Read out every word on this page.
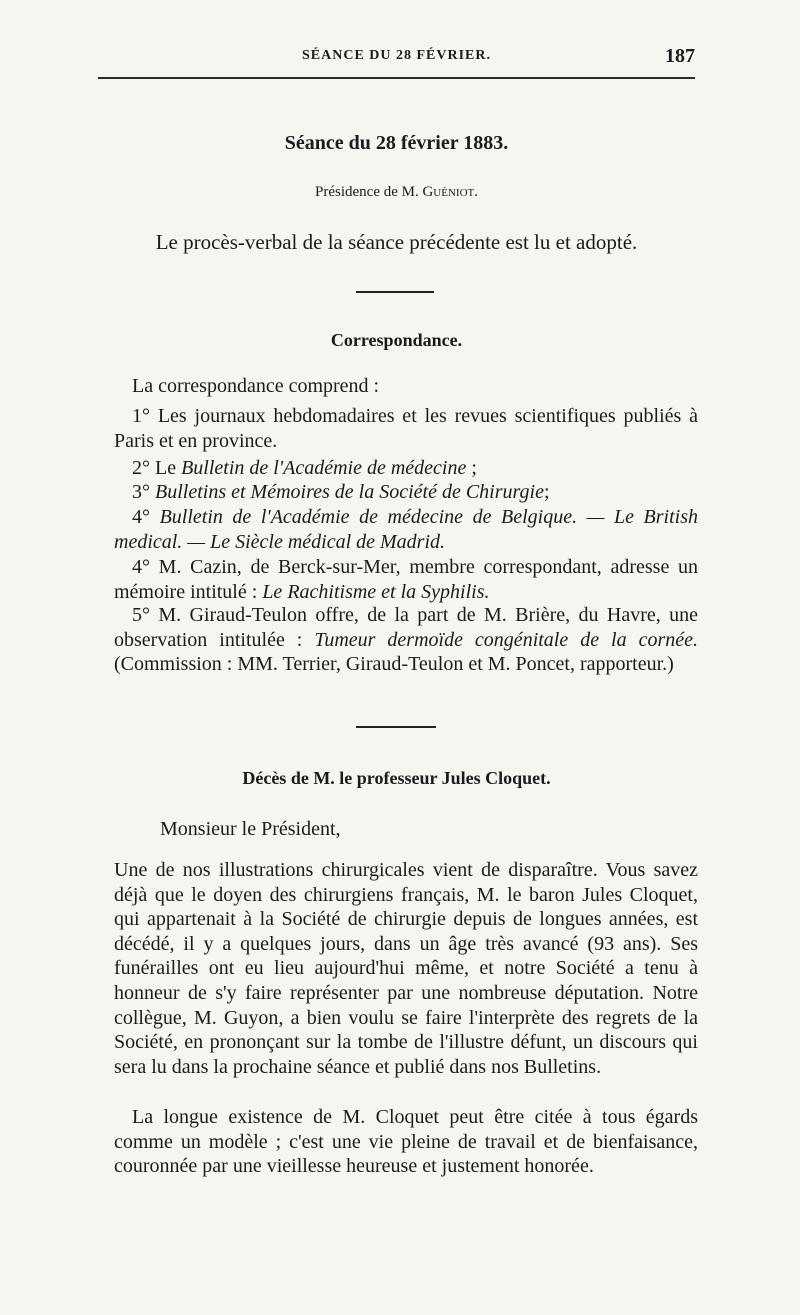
SÉANCE DU 28 FÉVRIER.	187
Séance du 28 février 1883.
Présidence de M. Guéniot.
Le procès-verbal de la séance précédente est lu et adopté.
Correspondance.
La correspondance comprend :
1° Les journaux hebdomadaires et les revues scientifiques publiés à Paris et en province.
2° Le Bulletin de l'Académie de médecine ;
3° Bulletins et Mémoires de la Société de Chirurgie;
4° Bulletin de l'Académie de médecine de Belgique. — Le British medical. — Le Siècle médical de Madrid.
4° M. Cazin, de Berck-sur-Mer, membre correspondant, adresse un mémoire intitulé : Le Rachitisme et la Syphilis.
5° M. Giraud-Teulon offre, de la part de M. Brière, du Havre, une observation intitulée : Tumeur dermoïde congénitale de la cornée. (Commission : MM. Terrier, Giraud-Teulon et M. Poncet, rapporteur.)
Décès de M. le professeur Jules Cloquet.
Monsieur le Président,
Une de nos illustrations chirurgicales vient de disparaître. Vous savez déjà que le doyen des chirurgiens français, M. le baron Jules Cloquet, qui appartenait à la Société de chirurgie depuis de longues années, est décédé, il y a quelques jours, dans un âge très avancé (93 ans). Ses funérailles ont eu lieu aujourd'hui même, et notre Société a tenu à honneur de s'y faire représenter par une nombreuse députation. Notre collègue, M. Guyon, a bien voulu se faire l'interprète des regrets de la Société, en prononçant sur la tombe de l'illustre défunt, un discours qui sera lu dans la prochaine séance et publié dans nos Bulletins.
La longue existence de M. Cloquet peut être citée à tous égards comme un modèle ; c'est une vie pleine de travail et de bienfaisance, couronnée par une vieillesse heureuse et justement honorée.
